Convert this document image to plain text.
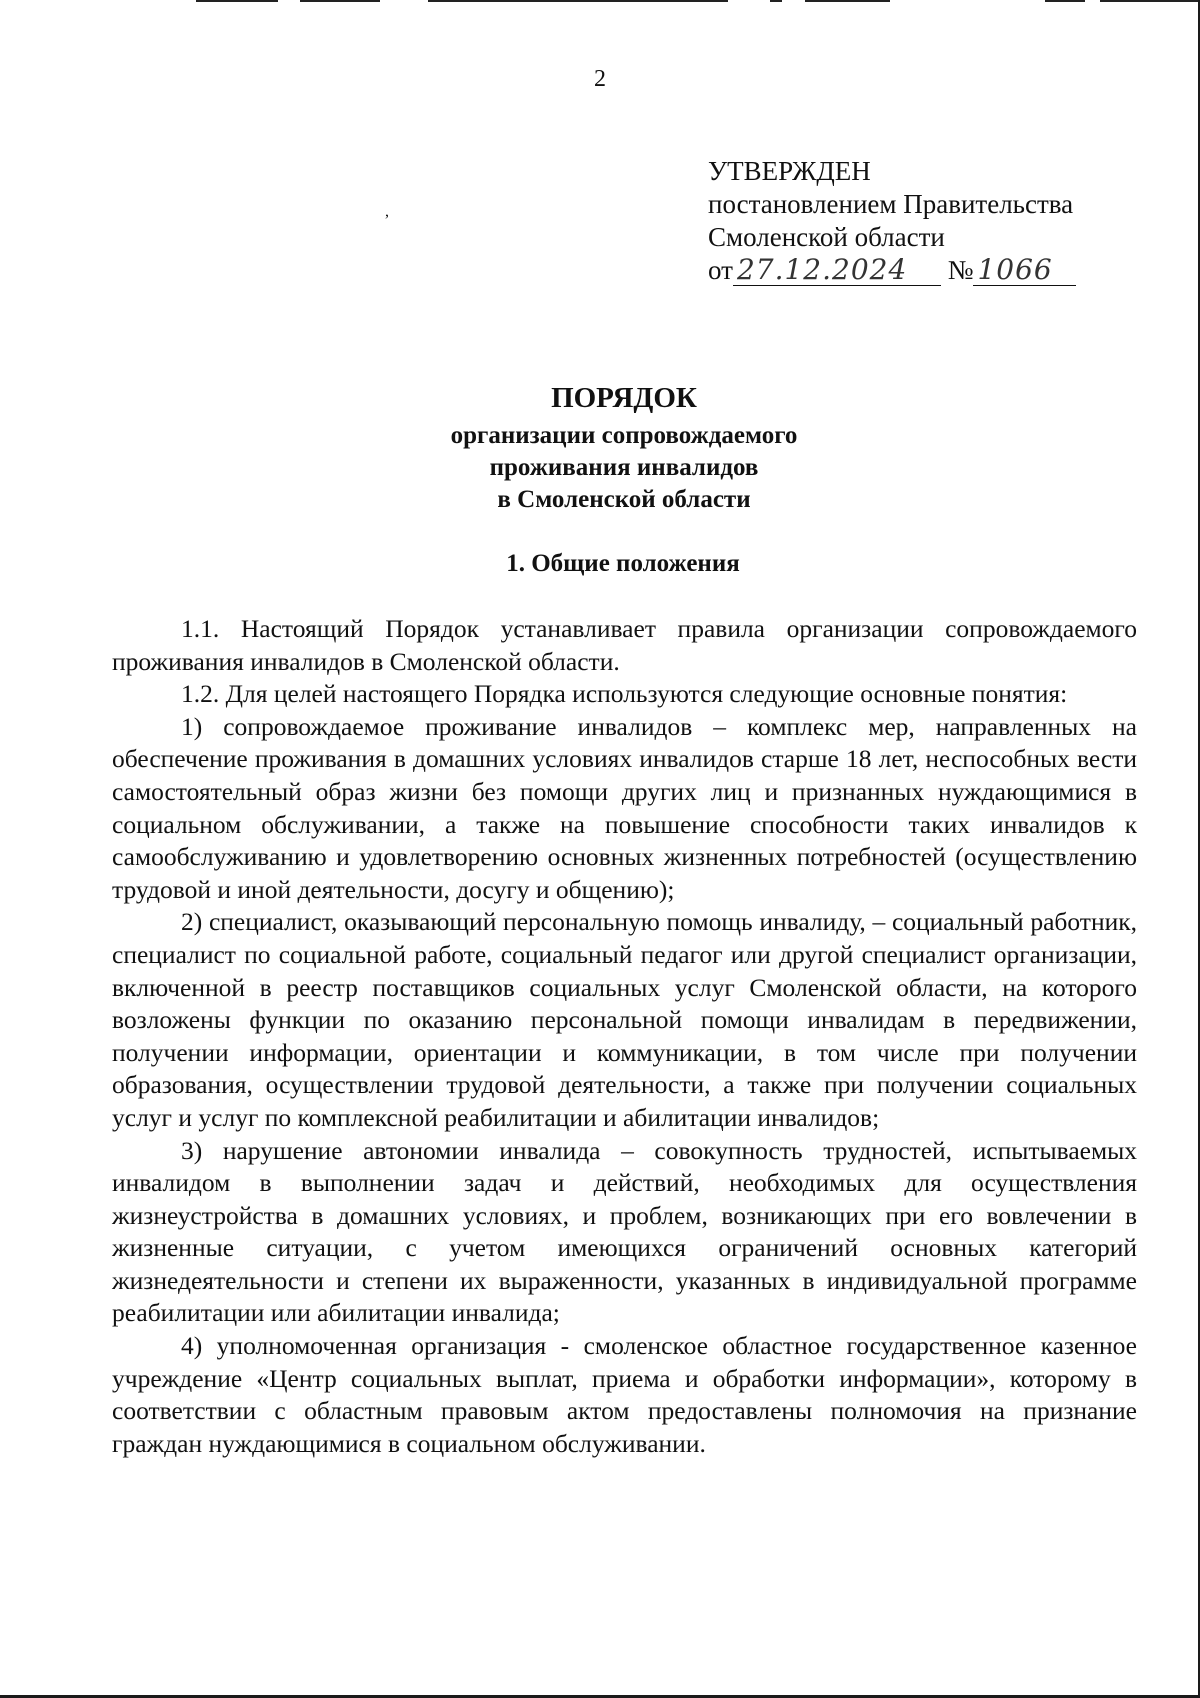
2
,
УТВЕРЖДЕН
постановлением Правительства
Смоленской области
от 27.12.2024 № 1066
ПОРЯДОК
организации сопровождаемого
проживания инвалидов
в Смоленской области
1. Общие положения

1.1. Настоящий Порядок устанавливает правила организации сопровождаемого проживания инвалидов в Смоленской области.

1.2. Для целей настоящего Порядка используются следующие основные понятия:

1) сопровождаемое проживание инвалидов – комплекс мер, направленных на обеспечение проживания в домашних условиях инвалидов старше 18 лет, неспособных вести самостоятельный образ жизни без помощи других лиц и признанных нуждающимися в социальном обслуживании, а также на повышение способности таких инвалидов к самообслуживанию и удовлетворению основных жизненных потребностей (осуществлению трудовой и иной деятельности, досугу и общению);

2) специалист, оказывающий персональную помощь инвалиду, – социальный работник, специалист по социальной работе, социальный педагог или другой специалист организации, включенной в реестр поставщиков социальных услуг Смоленской области, на которого возложены функции по оказанию персональной помощи инвалидам в передвижении, получении информации, ориентации и коммуникации, в том числе при получении образования, осуществлении трудовой деятельности, а также при получении социальных услуг и услуг по комплексной реабилитации и абилитации инвалидов;

3) нарушение автономии инвалида – совокупность трудностей, испытываемых инвалидом в выполнении задач и действий, необходимых для осуществления жизнеустройства в домашних условиях, и проблем, возникающих при его вовлечении в жизненные ситуации, с учетом имеющихся ограничений основных категорий жизнедеятельности и степени их выраженности, указанных в индивидуальной программе реабилитации или абилитации инвалида;

4) уполномоченная организация - смоленское областное государственное казенное учреждение «Центр социальных выплат, приема и обработки информации», которому в соответствии с областным правовым актом предоставлены полномочия на признание граждан нуждающимися в социальном обслуживании.
